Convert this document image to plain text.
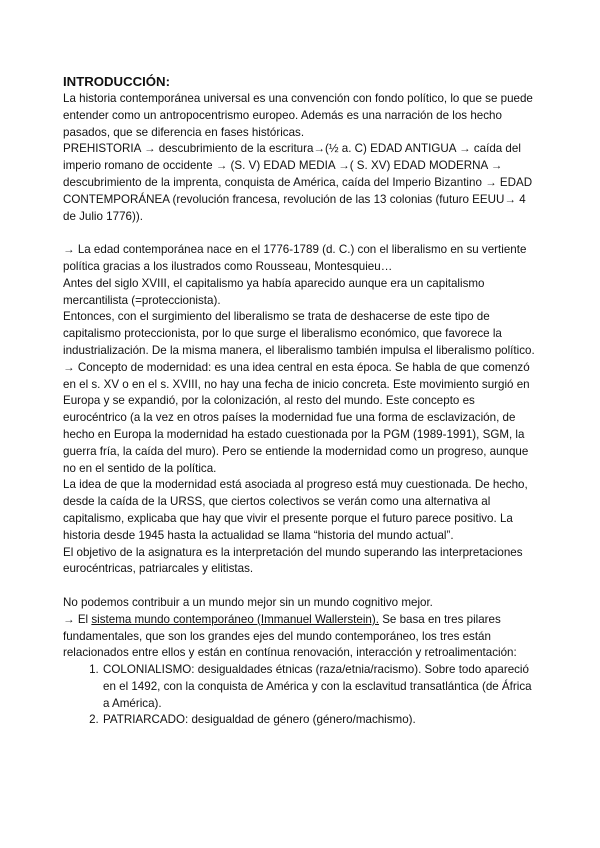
INTRODUCCIÓN:

La historia contemporánea universal es una convención con fondo político, lo que se puede entender como un antropocentrismo europeo. Además es una narración de los hecho pasados, que se diferencia en fases históricas.

PREHISTORIA → descubrimiento de la escritura→(½ a. C) EDAD ANTIGUA → caída del imperio romano de occidente → (S. V) EDAD MEDIA →( S. XV) EDAD MODERNA → descubrimiento de la imprenta, conquista de América, caída del Imperio Bizantino → EDAD CONTEMPORÁNEA (revolución francesa, revolución de las 13 colonias (futuro EEUU→ 4 de Julio 1776)).

→ La edad contemporánea nace en el 1776-1789 (d. C.) con el liberalismo en su vertiente política gracias a los ilustrados como Rousseau, Montesquieu…

Antes del siglo XVIII, el capitalismo ya había aparecido aunque era un capitalismo mercantilista (=proteccionista).

Entonces, con el surgimiento del liberalismo se trata de deshacerse de este tipo de capitalismo proteccionista, por lo que surge el liberalismo económico, que favorece la industrialización. De la misma manera, el liberalismo también impulsa el liberalismo político.

→ Concepto de modernidad: es una idea central en esta época. Se habla de que comenzó en el s. XV o en el s. XVIII, no hay una fecha de inicio concreta. Este movimiento surgió en Europa y se expandió, por la colonización, al resto del mundo. Este concepto es eurocéntrico (a la vez en otros países la modernidad fue una forma de esclavización, de hecho en Europa la modernidad ha estado cuestionada por la PGM (1989-1991), SGM, la guerra fría, la caída del muro). Pero se entiende la modernidad como un progreso, aunque no en el sentido de la política.

La idea de que la modernidad está asociada al progreso está muy cuestionada. De hecho, desde la caída de la URSS, que ciertos colectivos se verán como una alternativa al capitalismo, explicaba que hay que vivir el presente porque el futuro parece positivo. La historia desde 1945 hasta la actualidad se llama “historia del mundo actual”.

El objetivo de la asignatura es la interpretación del mundo superando las interpretaciones eurocéntricas, patriarcales y elitistas.

No podemos contribuir a un mundo mejor sin un mundo cognitivo mejor.

→ El sistema mundo contemporáneo (Immanuel Wallerstein). Se basa en tres pilares fundamentales, que son los grandes ejes del mundo contemporáneo, los tres están relacionados entre ellos y están en contínua renovación, interacción y retroalimentación:

1. COLONIALISMO: desigualdades étnicas (raza/etnia/racismo). Sobre todo apareció en el 1492, con la conquista de América y con la esclavitud transatlántica (de África a América).
2. PATRIARCADO: desigualdad de género (género/machismo).
